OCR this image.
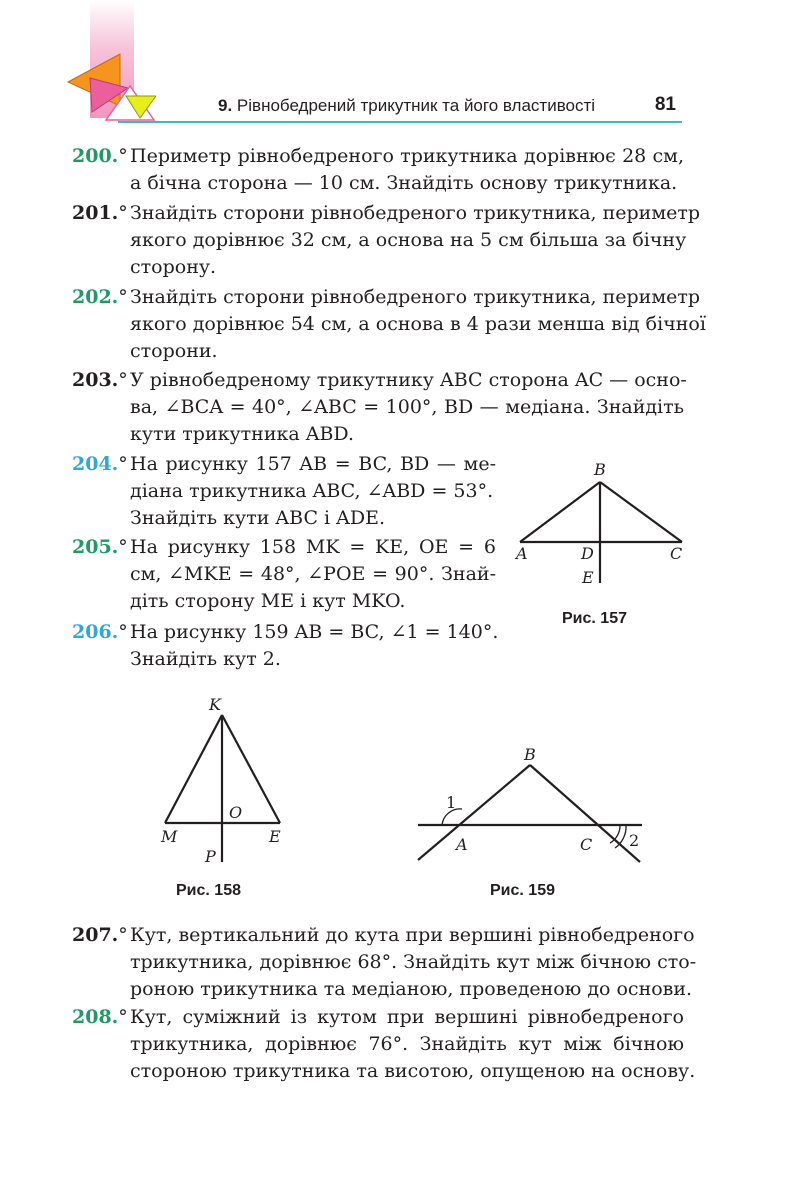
9. Рівнобедрений трикутник та його властивості	81
200.° Периметр рівнобедреного трикутника дорівнює 28 см,
а бічна сторона — 10 см. Знайдіть основу трикутника.
201.° Знайдіть сторони рівнобедреного трикутника, периметр
якого дорівнює 32 см, а основа на 5 см більша за бічну
сторону.
202.° Знайдіть сторони рівнобедреного трикутника, периметр
якого дорівнює 54 см, а основа в 4 рази менша від бічної
сторони.
203.° У рівнобедреному трикутнику ABC сторона AC — осно-
ва, ∠BCA = 40°, ∠ABC = 100°, BD — медіана. Знайдіть
кути трикутника ABD.
204.° На рисунку 157 AB = BC, BD — ме-
діана трикутника ABC, ∠ABD = 53°.
Знайдіть кути ABC і ADE.
205.° На рисунку 158 MK = KE, OE = 6
см, ∠MKE = 48°, ∠POE = 90°. Знай-
діть сторону ME і кут MKO.
206.° На рисунку 159 AB = BC, ∠1 = 140°.
Знайдіть кут 2.
B
A	D	C
E
Рис. 157
K
O
M	E
P
Рис. 158
B
1
A	C 2
Рис. 159
207.° Кут, вертикальний до кута при вершині рівнобедреного
трикутника, дорівнює 68°. Знайдіть кут між бічною сто-
роною трикутника та медіаною, проведеною до основи.
208.° Кут, суміжний із кутом при вершині рівнобедреного
трикутника, дорівнює 76°. Знайдіть кут між бічною
стороною трикутника та висотою, опущеною на основу.
